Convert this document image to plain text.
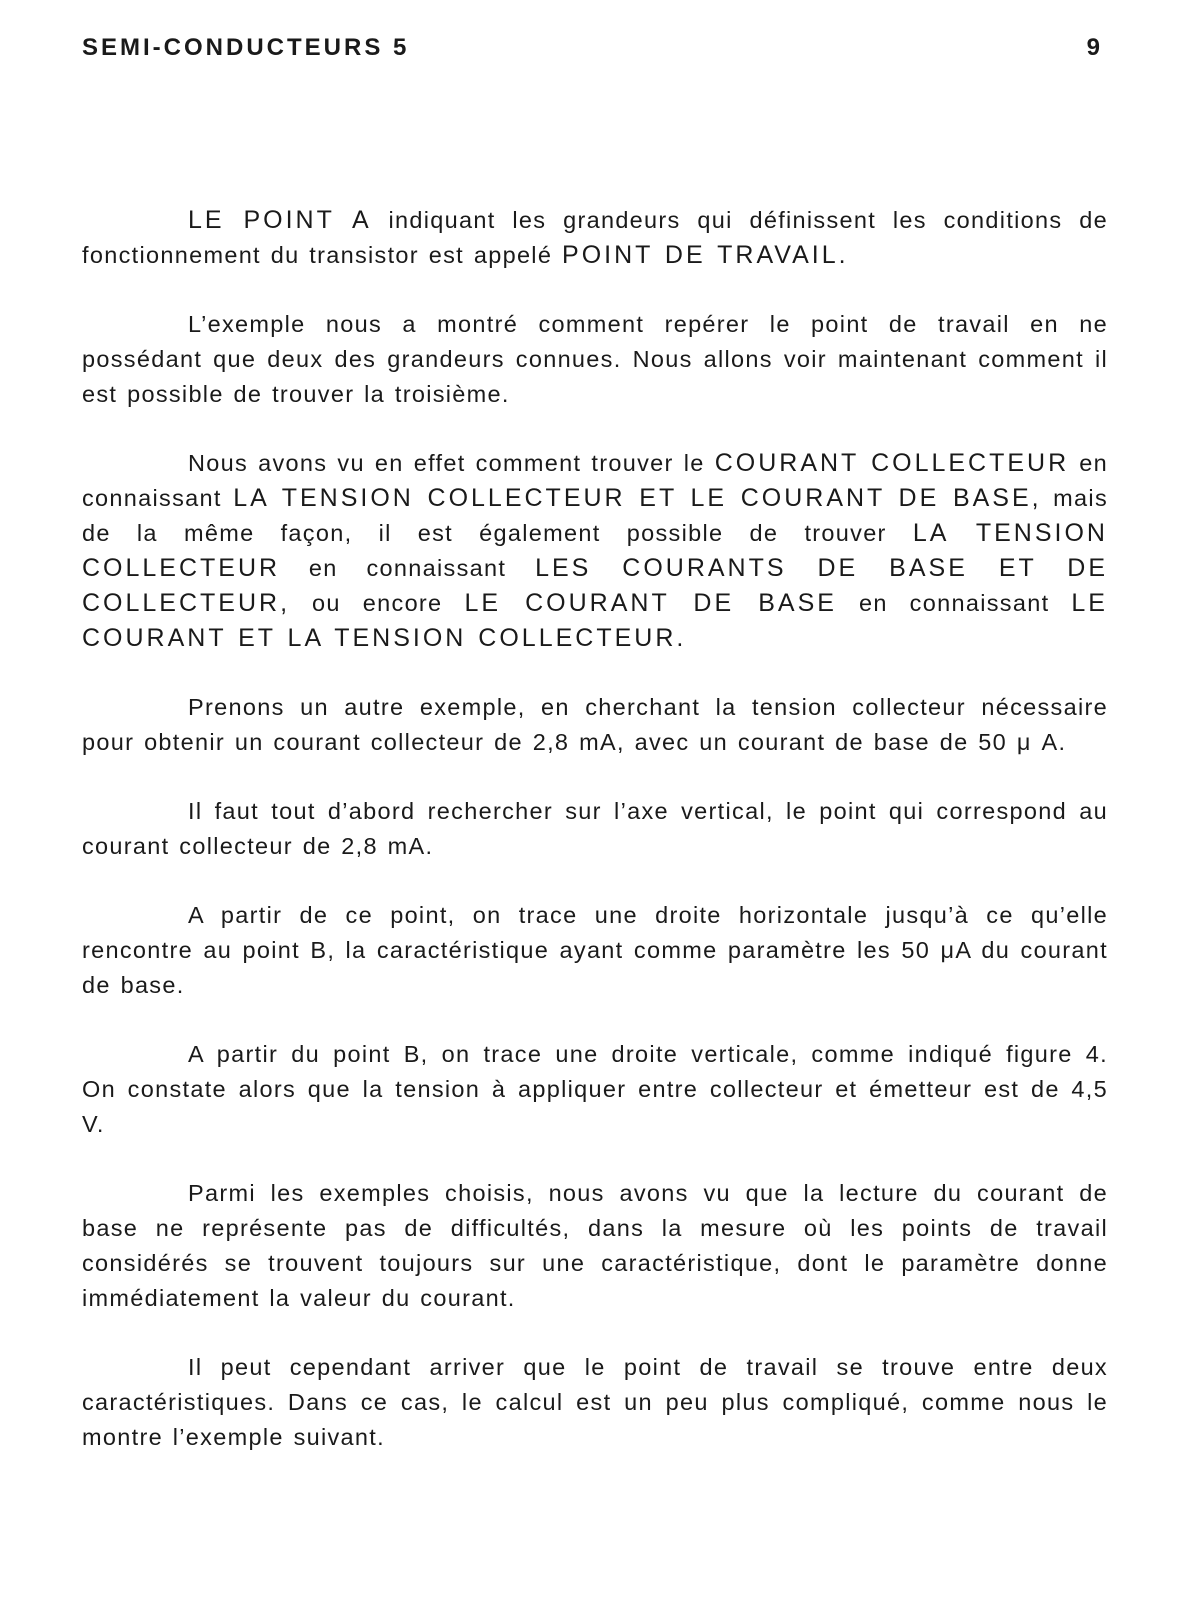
SEMI-CONDUCTEURS 5	9

LE POINT A indiquant les grandeurs qui définissent les conditions de fonctionnement du transistor est appelé POINT DE TRAVAIL.

L’exemple nous a montré comment repérer le point de travail en ne possédant que deux des grandeurs connues. Nous allons voir maintenant comment il est possible de trouver la troisième.

Nous avons vu en effet comment trouver le COURANT COLLECTEUR en connaissant LA TENSION COLLECTEUR ET LE COURANT DE BASE, mais de la même façon, il est également possible de trouver LA TENSION COLLECTEUR en connaissant LES COURANTS DE BASE ET DE COLLECTEUR, ou encore LE COURANT DE BASE en connaissant LE COURANT ET LA TENSION COLLECTEUR.

Prenons un autre exemple, en cherchant la tension collecteur nécessaire pour obtenir un courant collecteur de 2,8 mA, avec un courant de base de 50 μ A.

Il faut tout d’abord rechercher sur l’axe vertical, le point qui correspond au courant collecteur de 2,8 mA.

A partir de ce point, on trace une droite horizontale jusqu’à ce qu’elle rencontre au point B, la caractéristique ayant comme paramètre les 50 μA du courant de base.

A partir du point B, on trace une droite verticale, comme indiqué figure 4. On constate alors que la tension à appliquer entre collecteur et émetteur est de 4,5 V.

Parmi les exemples choisis, nous avons vu que la lecture du courant de base ne représente pas de difficultés, dans la mesure où les points de travail considérés se trouvent toujours sur une caractéristique, dont le paramètre donne immédiatement la valeur du courant.

Il peut cependant arriver que le point de travail se trouve entre deux caractéristiques. Dans ce cas, le calcul est un peu plus compliqué, comme nous le montre l’exemple suivant.
